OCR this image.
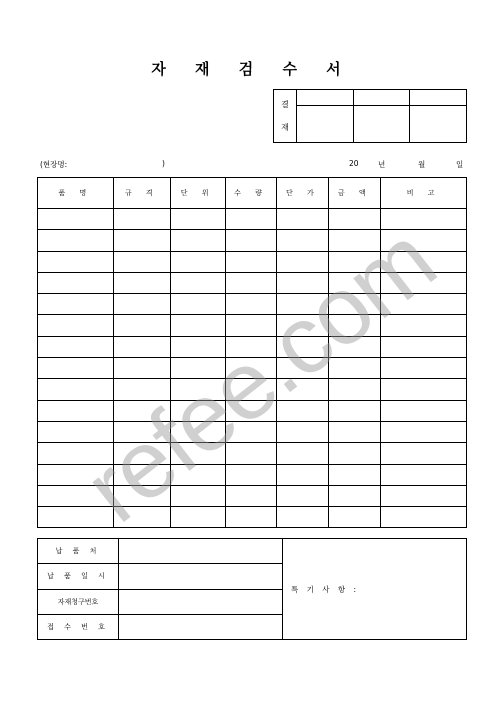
자 재 검 수 서
결
재			

(현장명:	)	20	년	월	일
품 명	규 격	단 위	수 량	단 가	금 액	비 고

납 품 처		특 기 사 항 :
납 품 일 시		
자재청구번호		
접 수 번 호		
refee.com
